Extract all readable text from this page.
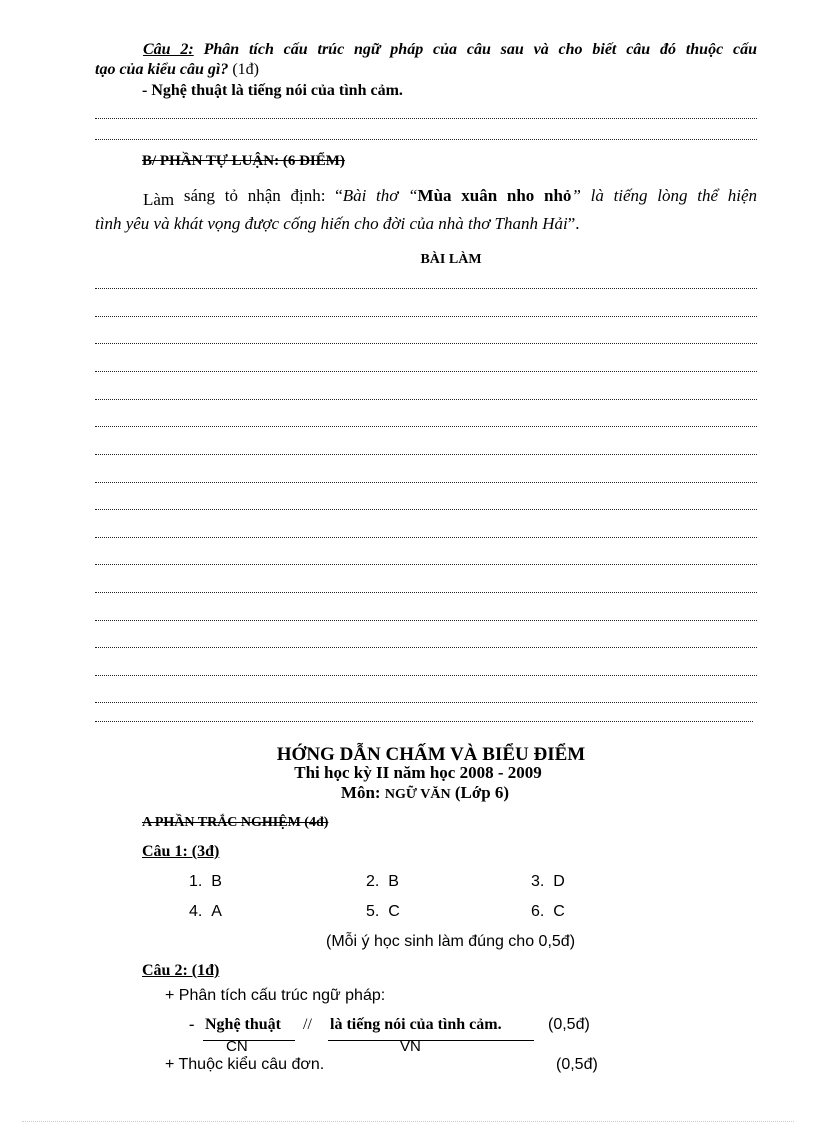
Câu 2: Phân tích cấu trúc ngữ pháp của câu sau và cho biết câu đó thuộc cấu
tạo của kiểu câu gì? (1đ)
- Nghệ thuật là tiếng nói của tình cảm.
B/ PHẦN TỰ LUẬN: (6 ĐIỂM)
Làm sáng tỏ nhận định: “Bài thơ “Mùa xuân nho nhỏ” là tiếng lòng thể hiện
tình yêu và khát vọng được cống hiến cho đời của nhà thơ Thanh Hải”.
BÀI LÀM
HỚNG DẪN CHẤM VÀ BIỂU ĐIỂM
Thi học kỳ II năm học 2008 - 2009
Môn: NGỮ VĂN (Lớp 6)
A PHẦN TRẮC NGHIỆM (4đ)
Câu 1: (3đ)
1. B	2. B	3. D
4. A	5. C	6. C
(Mỗi ý học sinh làm đúng cho 0,5đ)
Câu 2: (1đ)
+ Phân tích cấu trúc ngữ pháp:
- Nghệ thuật // là tiếng nói của tình cảm.	(0,5đ)
CN	VN
+ Thuộc kiểu câu đơn.	(0,5đ)
